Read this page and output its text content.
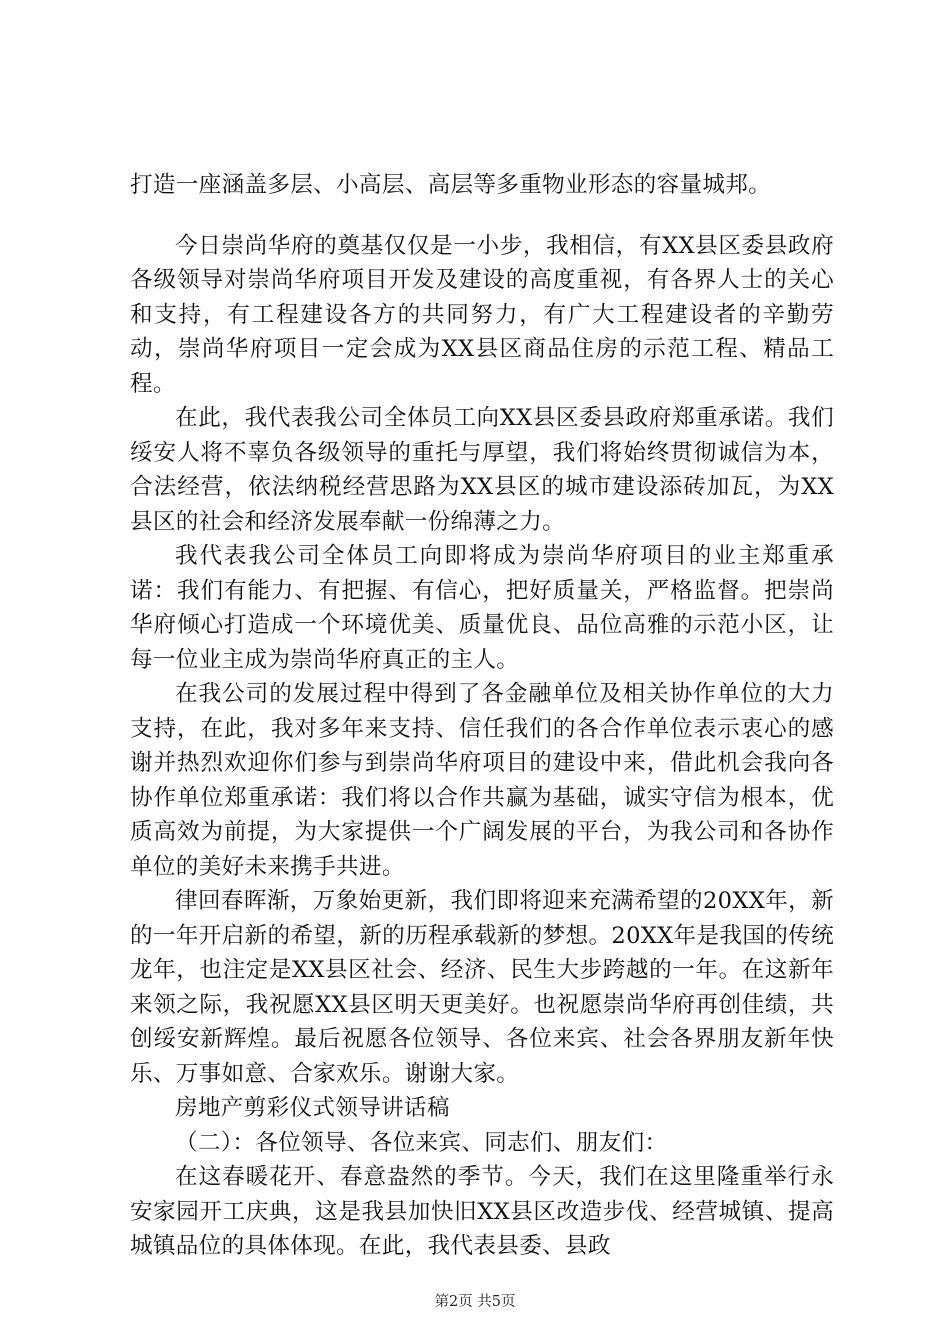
打造一座涵盖多层、小高层、高层等多重物业形态的容量城邦。

今日崇尚华府的奠基仅仅是一小步，我相信，有XX县区委县政府各级领导对崇尚华府项目开发及建设的高度重视，有各界人士的关心和支持，有工程建设各方的共同努力，有广大工程建设者的辛勤劳动，崇尚华府项目一定会成为XX县区商品住房的示范工程、精品工程。

在此，我代表我公司全体员工向XX县区委县政府郑重承诺。我们绥安人将不辜负各级领导的重托与厚望，我们将始终贯彻诚信为本，合法经营，依法纳税经营思路为XX县区的城市建设添砖加瓦，为XX县区的社会和经济发展奉献一份绵薄之力。

我代表我公司全体员工向即将成为崇尚华府项目的业主郑重承诺：我们有能力、有把握、有信心，把好质量关，严格监督。把崇尚华府倾心打造成一个环境优美、质量优良、品位高雅的示范小区，让每一位业主成为崇尚华府真正的主人。

在我公司的发展过程中得到了各金融单位及相关协作单位的大力支持，在此，我对多年来支持、信任我们的各合作单位表示衷心的感谢并热烈欢迎你们参与到崇尚华府项目的建设中来，借此机会我向各协作单位郑重承诺：我们将以合作共赢为基础，诚实守信为根本，优质高效为前提，为大家提供一个广阔发展的平台，为我公司和各协作单位的美好未来携手共进。

律回春晖渐，万象始更新，我们即将迎来充满希望的20XX年，新的一年开启新的希望，新的历程承载新的梦想。20XX年是我国的传统龙年，也注定是XX县区社会、经济、民生大步跨越的一年。在这新年来领之际，我祝愿XX县区明天更美好。也祝愿崇尚华府再创佳绩，共创绥安新辉煌。最后祝愿各位领导、各位来宾、社会各界朋友新年快乐、万事如意、合家欢乐。谢谢大家。

房地产剪彩仪式领导讲话稿

（二）：各位领导、各位来宾、同志们、朋友们：

在这春暖花开、春意盎然的季节。今天，我们在这里隆重举行永安家园开工庆典，这是我县加快旧XX县区改造步伐、经营城镇、提高城镇品位的具体体现。在此，我代表县委、县政

第2页 共5页
